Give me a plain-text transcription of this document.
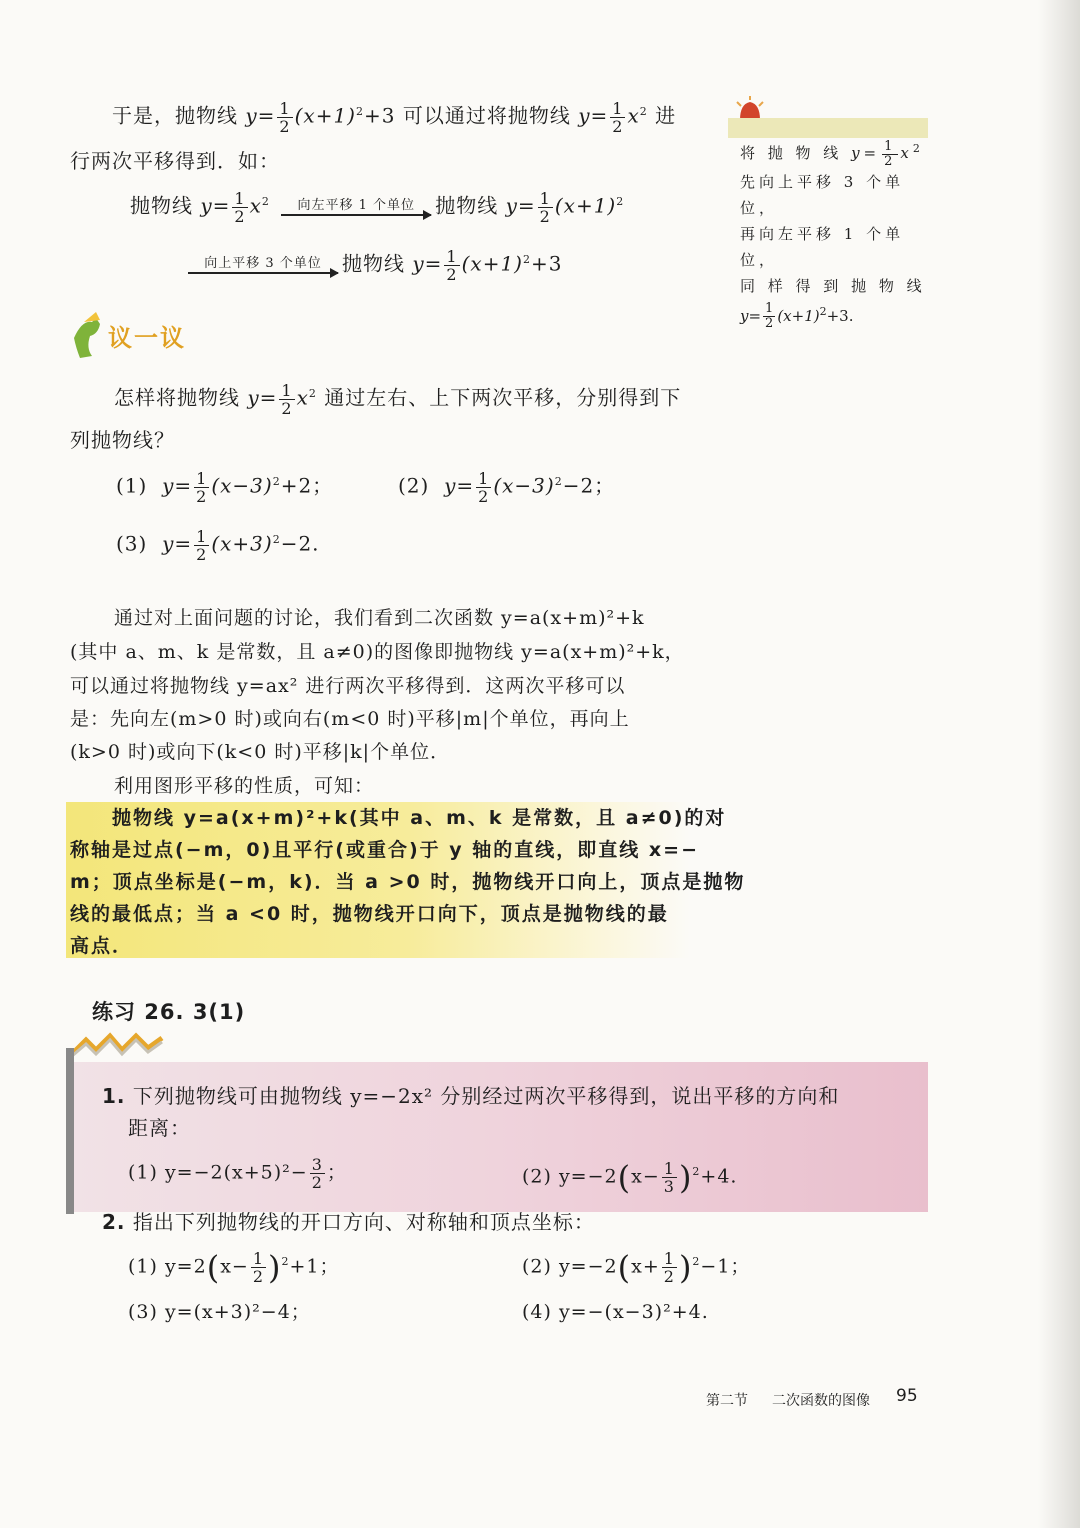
于是，抛物线 $y= \frac{1}{2} (x+1)^2+3$ 可以通过将抛物线 $y= \frac{1}{2} x^2$ 进
行两次平移得到．如：
抛物线 $y= \frac{1}{2} x^2$ 向左平移 1 个单位 抛物线 $y= \frac{1}{2} (x+1)^2$
向上平移 3 个单位 抛物线 $y= \frac{1}{2} (x+1)^2+3$
将 抛 物 线 $y= \frac{1}{2} x^2$
先向上平移 3 个单位，
再向左平移 1 个单位，
同 样 得 到 抛 物 线
$y= \frac{1}{2} (x+1)^2+3$.
议一议
怎样将抛物线 $y= \frac{1}{2} x^2$ 通过左右、上下两次平移，分别得到下
列抛物线？
(1) $y= \frac{1}{2} (x-3)^2+2$；	(2) $y= \frac{1}{2} (x-3)^2-2$；
(3) $y= \frac{1}{2} (x+3)^2-2$.
通过对上面问题的讨论，我们看到二次函数 y=a(x+m)²+k
(其中 a、m、k 是常数，且 a≠0)的图像即抛物线 y=a(x+m)²+k，
可以通过将抛物线 y=ax² 进行两次平移得到．这两次平移可以
是：先向左(m>0 时)或向右(m<0 时)平移|m|个单位，再向上
(k>0 时)或向下(k<0 时)平移|k|个单位．
利用图形平移的性质，可知：
抛物线 y=a(x+m)²+k(其中 a、m、k 是常数，且 a≠0)的对
称轴是过点(−m，0)且平行(或重合)于 y 轴的直线，即直线 x=−
m；顶点坐标是(−m，k)．当 a >0 时，抛物线开口向上，顶点是抛物
线的最低点；当 a <0 时，抛物线开口向下，顶点是抛物线的最
高点．
练习 26. 3(1)
1. 下列抛物线可由抛物线 y=−2x² 分别经过两次平移得到，说出平移的方向和
距离：
(1) $y=-2(x+5)^2- \frac{3}{2}$ ；	(2) $y=-2(x- \frac{1}{3} )^2+4$.
2. 指出下列抛物线的开口方向、对称轴和顶点坐标：
(1) $y=2(x- \frac{1}{2} )^2+1$；	(2) $y=-2(x+ \frac{1}{2} )^2-1$；
(3) y=(x+3)²−4；	(4) y=−(x−3)²+4.
第二节 二次函数的图像 95
